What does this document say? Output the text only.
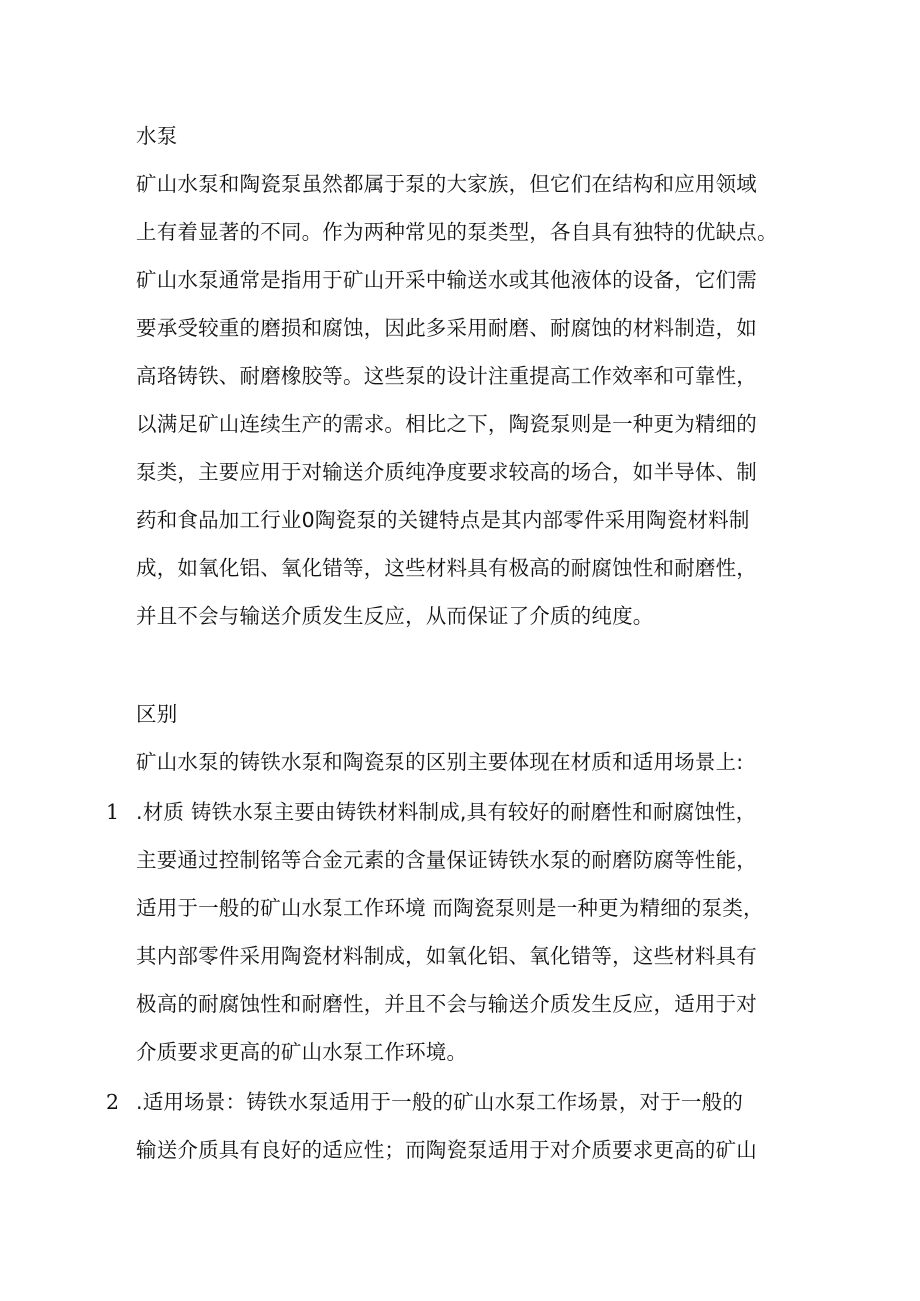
水泵
矿山水泵和陶瓷泵虽然都属于泵的大家族，但它们在结构和应用领域
上有着显著的不同。作为两种常见的泵类型，各自具有独特的优缺点。
矿山水泵通常是指用于矿山开采中输送水或其他液体的设备，它们需
要承受较重的磨损和腐蚀，因此多采用耐磨、耐腐蚀的材料制造，如
高珞铸铁、耐磨橡胶等。这些泵的设计注重提高工作效率和可靠性，
以满足矿山连续生产的需求。相比之下，陶瓷泵则是一种更为精细的
泵类，主要应用于对输送介质纯净度要求较高的场合，如半导体、制
药和食品加工行业0陶瓷泵的关键特点是其内部零件采用陶瓷材料制
成，如氧化铝、氧化错等，这些材料具有极高的耐腐蚀性和耐磨性，
并且不会与输送介质发生反应，从而保证了介质的纯度。
区别
矿山水泵的铸铁水泵和陶瓷泵的区别主要体现在材质和适用场景上:
1 .材质 铸铁水泵主要由铸铁材料制成,具有较好的耐磨性和耐腐蚀性，
主要通过控制铭等合金元素的含量保证铸铁水泵的耐磨防腐等性能，
适用于一般的矿山水泵工作环境 而陶瓷泵则是一种更为精细的泵类，
其内部零件采用陶瓷材料制成，如氧化铝、氧化错等，这些材料具有
极高的耐腐蚀性和耐磨性，并且不会与输送介质发生反应，适用于对
介质要求更高的矿山水泵工作环境。
2 .适用场景：铸铁水泵适用于一般的矿山水泵工作场景，对于一般的
输送介质具有良好的适应性；而陶瓷泵适用于对介质要求更高的矿山
